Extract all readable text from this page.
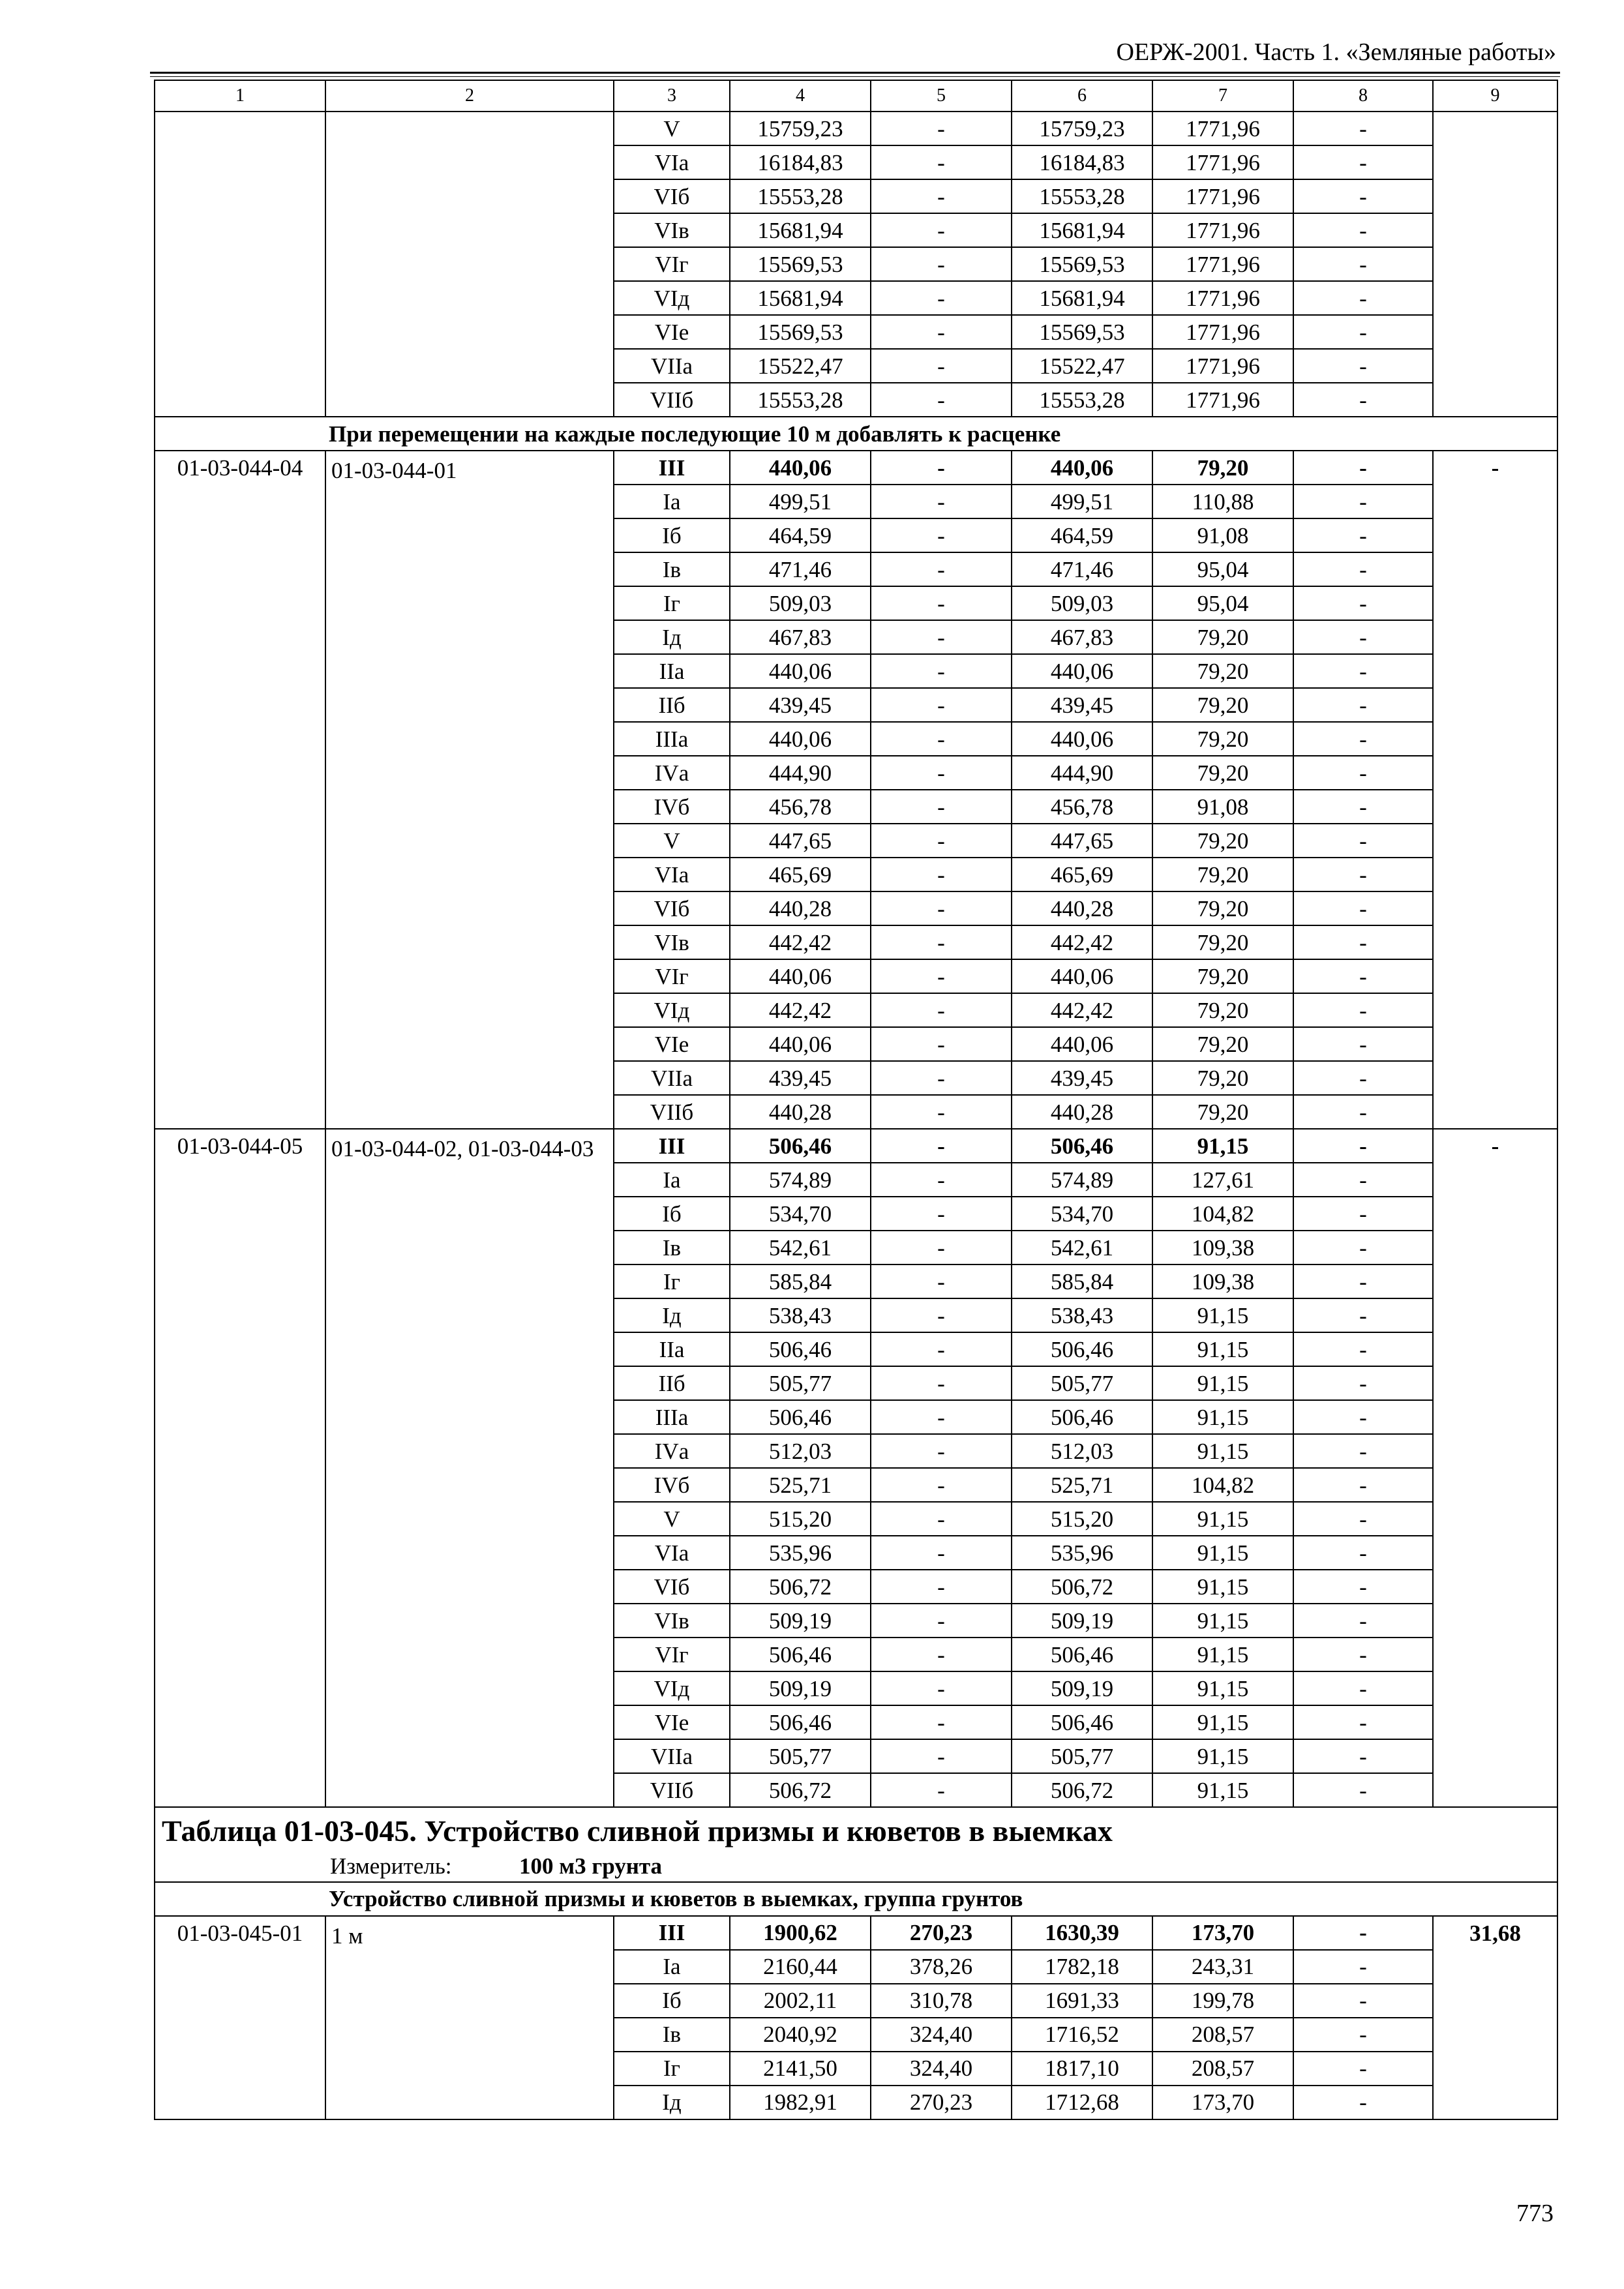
ОЕРЖ-2001. Часть 1. «Земляные работы»
1	2	3	4	5	6	7	8	9
		V	15759,23	-	15759,23	1771,96	-	
		VIа	16184,83	-	16184,83	1771,96	-	
		VIб	15553,28	-	15553,28	1771,96	-	
		VIв	15681,94	-	15681,94	1771,96	-	
		VIг	15569,53	-	15569,53	1771,96	-	
		VIд	15681,94	-	15681,94	1771,96	-	
		VIе	15569,53	-	15569,53	1771,96	-	
		VIIа	15522,47	-	15522,47	1771,96	-	
		VIIб	15553,28	-	15553,28	1771,96	-	
При перемещении на каждые последующие 10 м добавлять к расценке								
01-03-044-04	01-03-044-01	III	440,06	-	440,06	79,20	-	-
		Iа	499,51	-	499,51	110,88	-	
		Iб	464,59	-	464,59	91,08	-	
		Iв	471,46	-	471,46	95,04	-	
		Iг	509,03	-	509,03	95,04	-	
		Iд	467,83	-	467,83	79,20	-	
		IIа	440,06	-	440,06	79,20	-	
		IIб	439,45	-	439,45	79,20	-	
		IIIа	440,06	-	440,06	79,20	-	
		IVа	444,90	-	444,90	79,20	-	
		IVб	456,78	-	456,78	91,08	-	
		V	447,65	-	447,65	79,20	-	
		VIа	465,69	-	465,69	79,20	-	
		VIб	440,28	-	440,28	79,20	-	
		VIв	442,42	-	442,42	79,20	-	
		VIг	440,06	-	440,06	79,20	-	
		VIд	442,42	-	442,42	79,20	-	
		VIе	440,06	-	440,06	79,20	-	
		VIIа	439,45	-	439,45	79,20	-	
		VIIб	440,28	-	440,28	79,20	-	
01-03-044-05	01-03-044-02, 01-03-044-03	III	506,46	-	506,46	91,15	-	-
		Iа	574,89	-	574,89	127,61	-	
		Iб	534,70	-	534,70	104,82	-	
		Iв	542,61	-	542,61	109,38	-	
		Iг	585,84	-	585,84	109,38	-	
		Iд	538,43	-	538,43	91,15	-	
		IIа	506,46	-	506,46	91,15	-	
		IIб	505,77	-	505,77	91,15	-	
		IIIа	506,46	-	506,46	91,15	-	
		IVа	512,03	-	512,03	91,15	-	
		IVб	525,71	-	525,71	104,82	-	
		V	515,20	-	515,20	91,15	-	
		VIа	535,96	-	535,96	91,15	-	
		VIб	506,72	-	506,72	91,15	-	
		VIв	509,19	-	509,19	91,15	-	
		VIг	506,46	-	506,46	91,15	-	
		VIд	509,19	-	509,19	91,15	-	
		VIе	506,46	-	506,46	91,15	-	
		VIIа	505,77	-	505,77	91,15	-	
		VIIб	506,72	-	506,72	91,15	-	

Таблица 01-03-045. Устройство сливной призмы и кюветов в выемках
Измеритель: 100 м3 грунта								

Устройство сливной призмы и кюветов в выемках, группа грунтов								
01-03-045-01	1 м	III	1900,62	270,23	1630,39	173,70	-	31,68
		Iа	2160,44	378,26	1782,18	243,31	-	
		Iб	2002,11	310,78	1691,33	199,78	-	
		Iв	2040,92	324,40	1716,52	208,57	-	
		Iг	2141,50	324,40	1817,10	208,57	-	
		Iд	1982,91	270,23	1712,68	173,70	-	
773
